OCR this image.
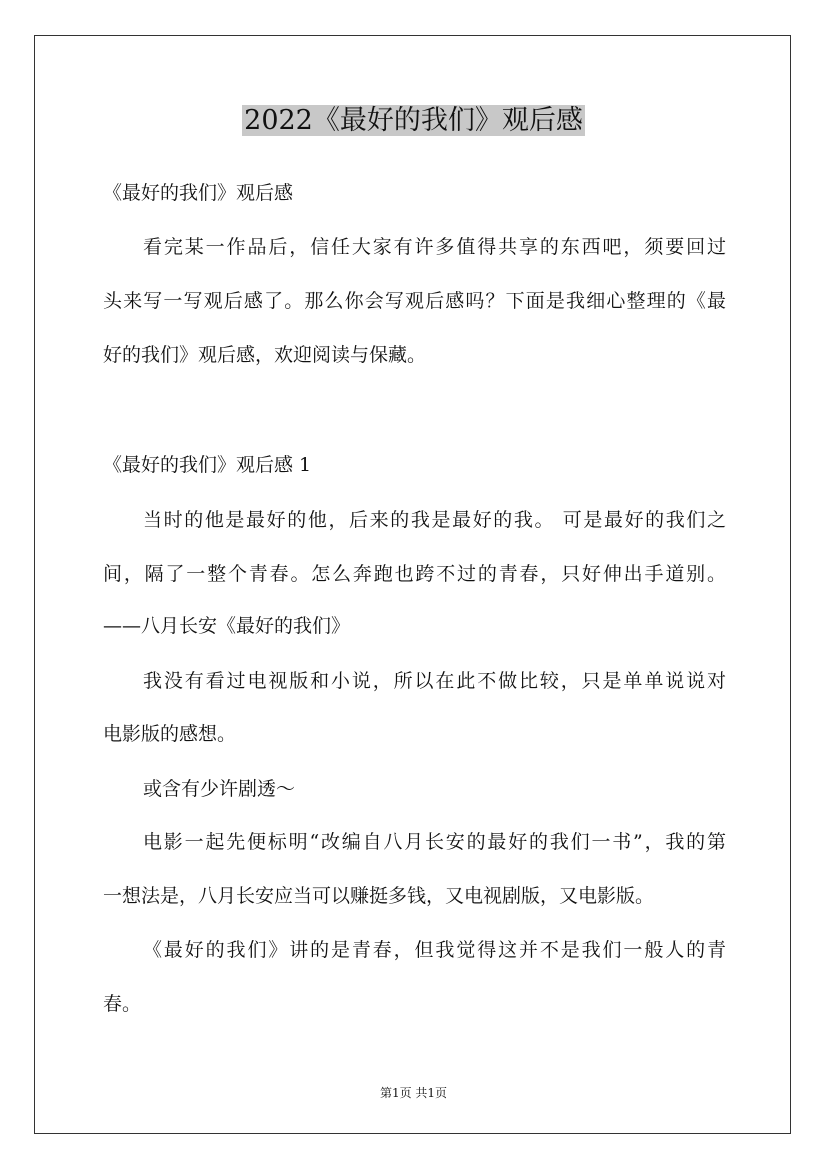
2022《最好的我们》观后感
《最好的我们》观后感
看完某一作品后，信任大家有许多值得共享的东西吧，须要回过
头来写一写观后感了。那么你会写观后感吗？下面是我细心整理的《最
好的我们》观后感，欢迎阅读与保藏。
《最好的我们》观后感 1
当时的他是最好的他，后来的我是最好的我。 可是最好的我们之
间，隔了一整个青春。怎么奔跑也跨不过的青春，只好伸出手道别。
——八月长安《最好的我们》
我没有看过电视版和小说，所以在此不做比较，只是单单说说对
电影版的感想。
或含有少许剧透～
电影一起先便标明“改编自八月长安的最好的我们一书”，我的第
一想法是，八月长安应当可以赚挺多钱，又电视剧版，又电影版。
《最好的我们》讲的是青春，但我觉得这并不是我们一般人的青
春。
第1页 共1页
